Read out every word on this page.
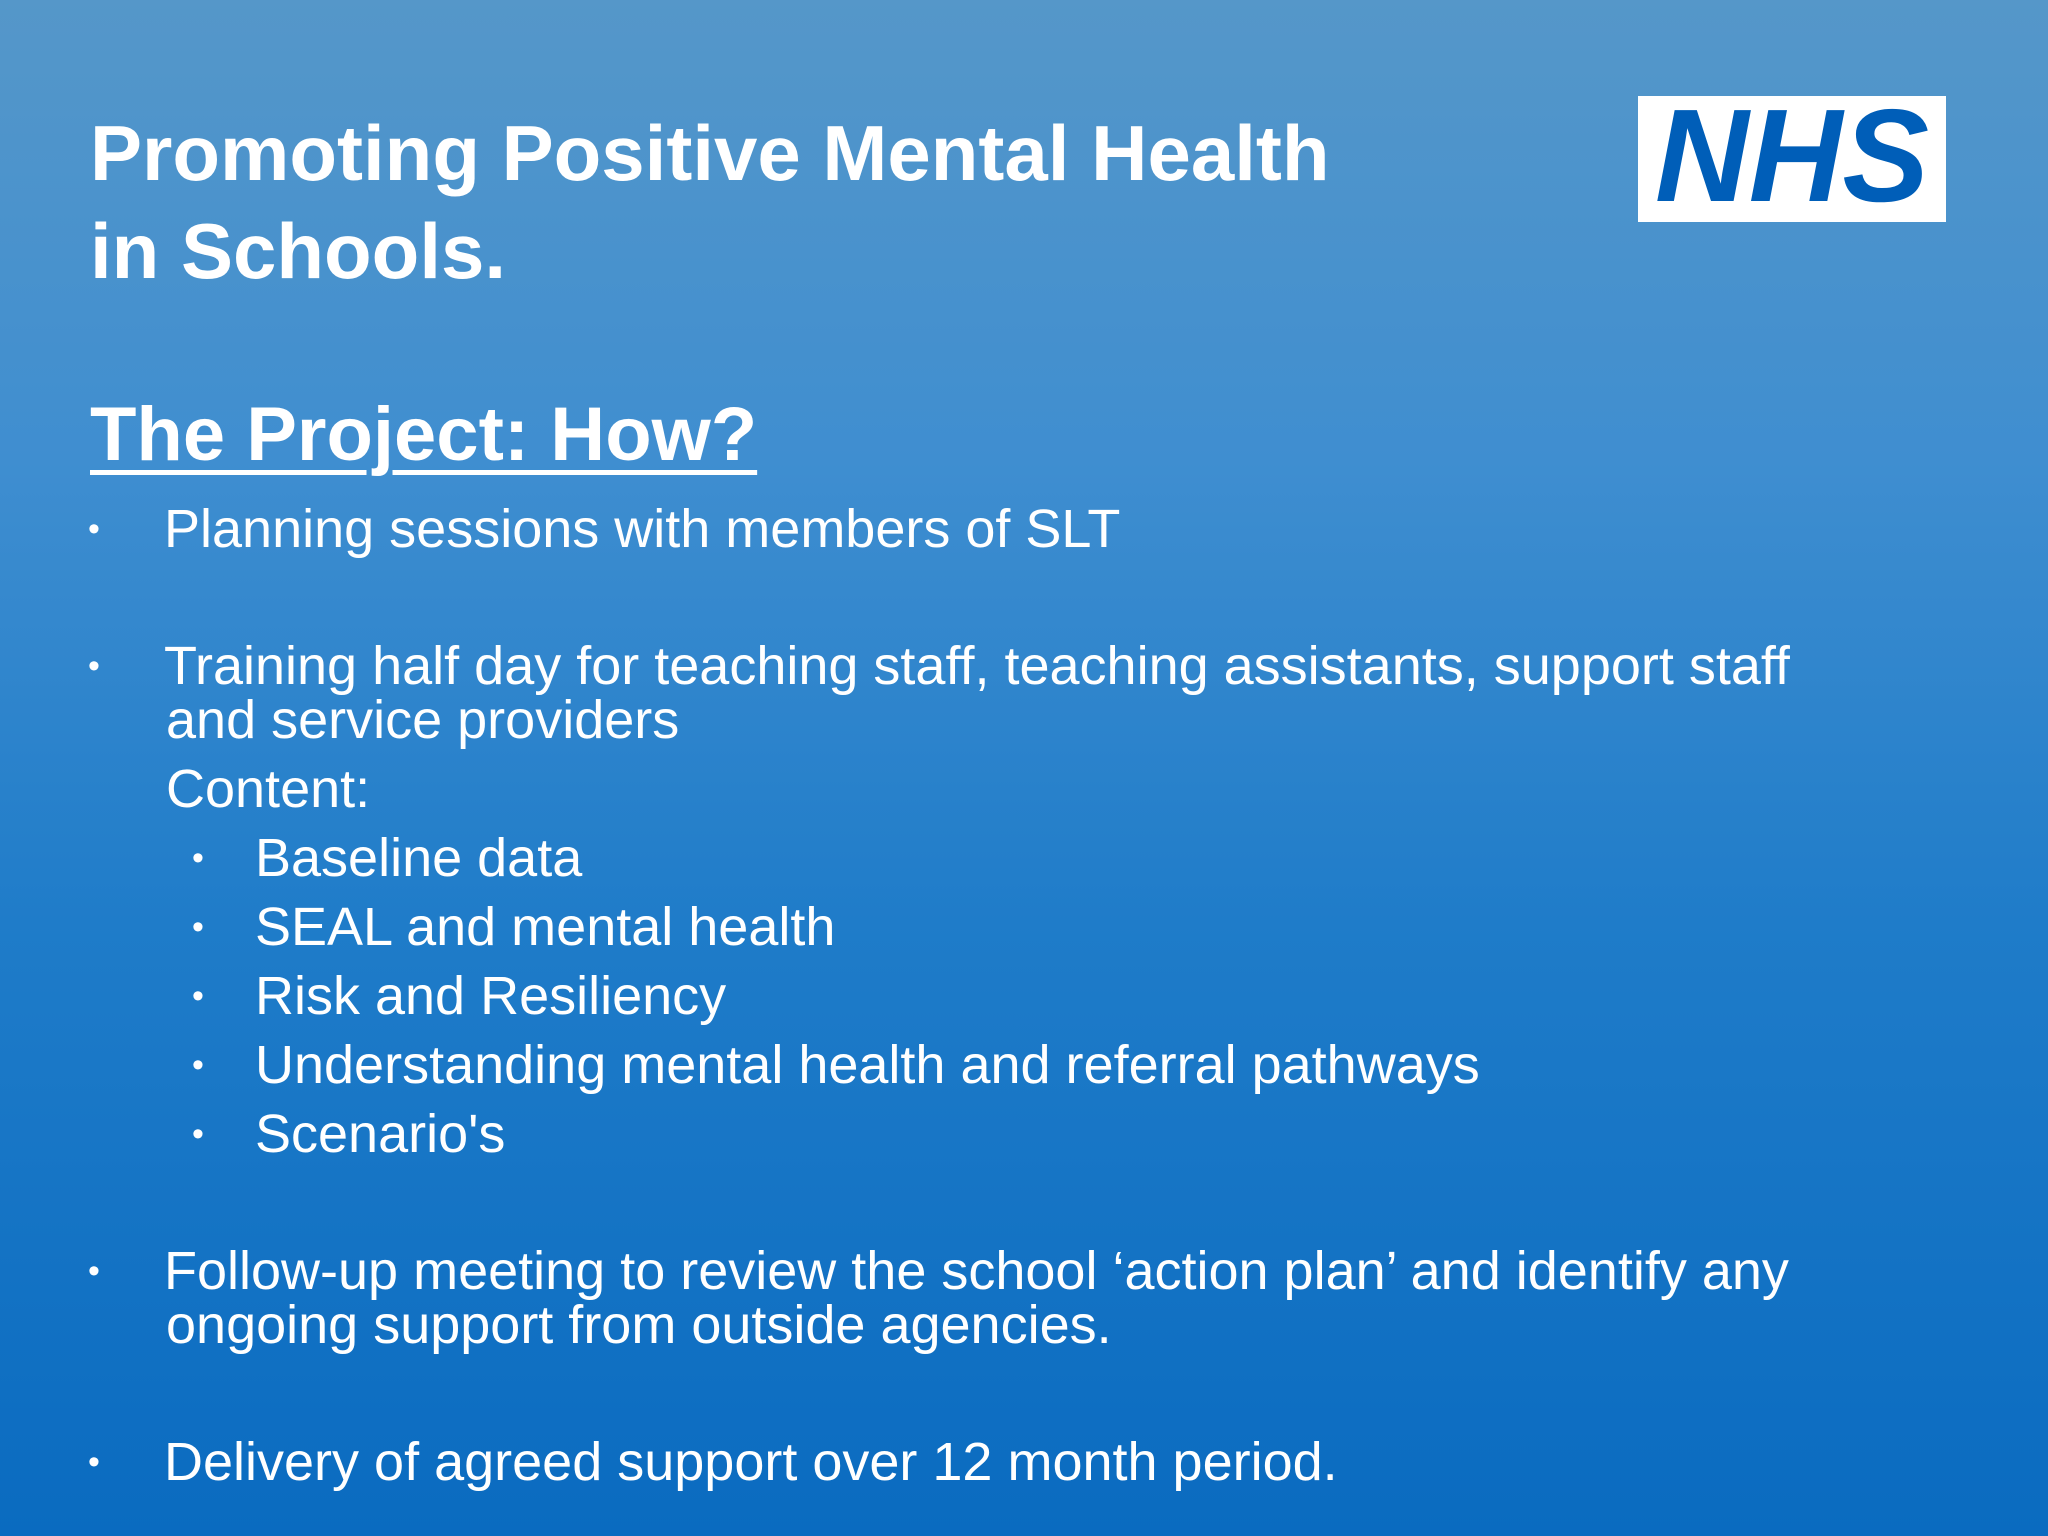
Promoting Positive Mental Health
in Schools.
NHS
The Project: How?
• Planning sessions with members of SLT
• Training half day for teaching staff, teaching assistants, support staff
and service providers
Content:
• Baseline data
• SEAL and mental health
• Risk and Resiliency
• Understanding mental health and referral pathways
• Scenario's
• Follow-up meeting to review the school ‘action plan’ and identify any
ongoing support from outside agencies.
• Delivery of agreed support over 12 month period.
